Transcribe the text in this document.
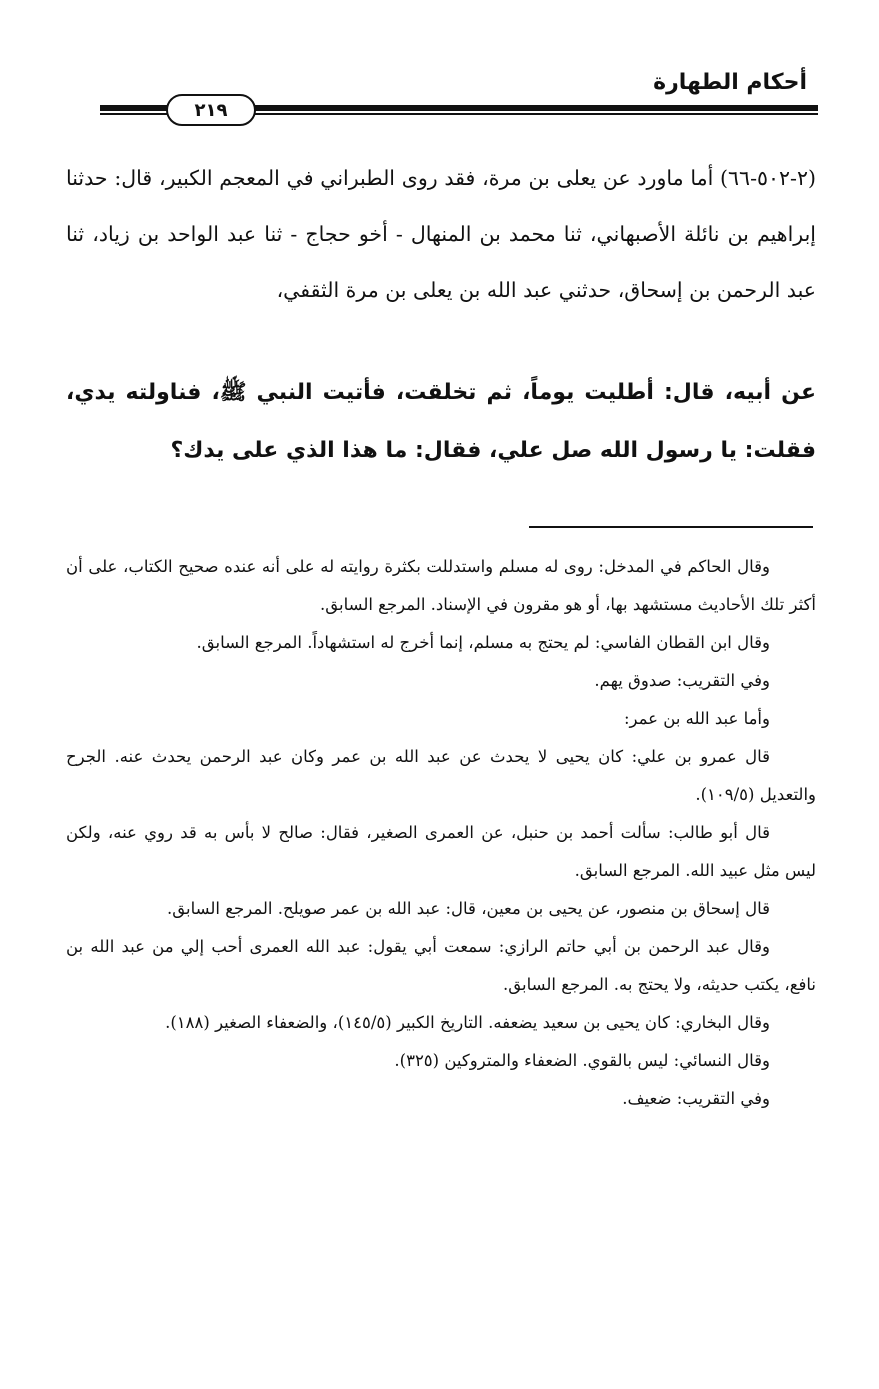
أحكام الطهارة
٢١٩

(٢-٥٠٢-٦٦) أما ماورد عن يعلى بن مرة، فقد روى الطبراني في المعجم الكبير، قال: حدثنا إبراهيم بن نائلة الأصبهاني، ثنا محمد بن المنهال - أخو حجاج - ثنا عبد الواحد بن زياد، ثنا عبد الرحمن بن إسحاق، حدثني عبد الله بن يعلى بن مرة الثقفي،

عن أبيه، قال: أطليت يوماً، ثم تخلقت، فأتيت النبي ﷺ، فناولته يدي، فقلت: يا رسول الله صل علي، فقال: ما هذا الذي على يدك؟

وقال الحاكم في المدخل: روى له مسلم واستدللت بكثرة روايته له على أنه عنده صحيح الكتاب، على أن أكثر تلك الأحاديث مستشهد بها، أو هو مقرون في الإسناد. المرجع السابق.

وقال ابن القطان الفاسي: لم يحتج به مسلم، إنما أخرج له استشهاداً. المرجع السابق.

وفي التقريب: صدوق يهم.

وأما عبد الله بن عمر:

قال عمرو بن علي: كان يحيى لا يحدث عن عبد الله بن عمر وكان عبد الرحمن يحدث عنه. الجرح والتعديل (١٠٩/٥).

قال أبو طالب: سألت أحمد بن حنبل، عن العمرى الصغير، فقال: صالح لا بأس به قد روي عنه، ولكن ليس مثل عبيد الله. المرجع السابق.

قال إسحاق بن منصور، عن يحيى بن معين، قال: عبد الله بن عمر صويلح. المرجع السابق.

وقال عبد الرحمن بن أبي حاتم الرازي: سمعت أبي يقول: عبد الله العمرى أحب إلي من عبد الله بن نافع، يكتب حديثه، ولا يحتج به. المرجع السابق.

وقال البخاري: كان يحيى بن سعيد يضعفه. التاريخ الكبير (١٤٥/٥)، والضعفاء الصغير (١٨٨).

وقال النسائي: ليس بالقوي. الضعفاء والمتروكين (٣٢٥).

وفي التقريب: ضعيف.
